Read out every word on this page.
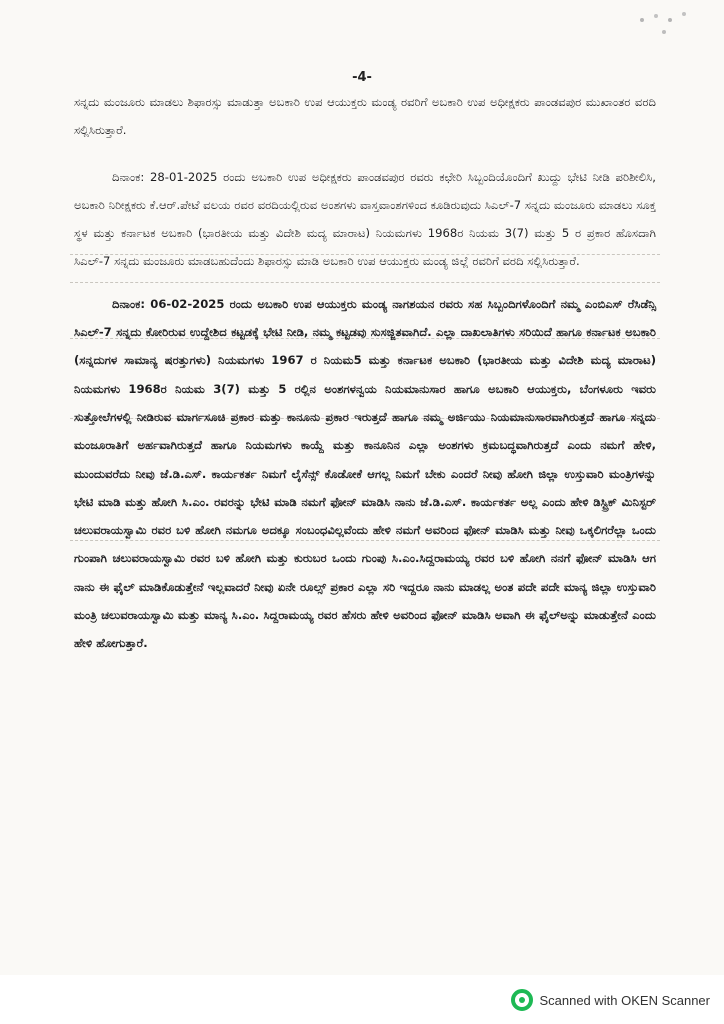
-4-

ಸನ್ನದು ಮಂಜೂರು ಮಾಡಲು ಶಿಫಾರಸ್ಸು ಮಾಡುತ್ತಾ ಅಬಕಾರಿ ಉಪ ಆಯುಕ್ತರು ಮಂಡ್ಯ ರವರಿಗೆ ಅಬಕಾರಿ ಉಪ ಅಧೀಕ್ಷಕರು ಪಾಂಡವಪುರ ಮುಖಾಂತರ ವರದಿ ಸಲ್ಲಿಸಿರುತ್ತಾರೆ.

ದಿನಾಂಕ: 28-01-2025 ರಂದು ಅಬಕಾರಿ ಉಪ ಅಧೀಕ್ಷಕರು ಪಾಂಡವಪುರ ರವರು ಕಛೇರಿ ಸಿಬ್ಬಂದಿಯೊಂದಿಗೆ ಖುದ್ದು ಭೇಟಿ ನೀಡಿ ಪರಿಶೀಲಿಸಿ, ಅಬಕಾರಿ ನಿರೀಕ್ಷಕರು ಕೆ.ಆರ್.ಪೇಟೆ ವಲಯ ರವರ ವರದಿಯಲ್ಲಿರುವ ಅಂಶಗಳು ವಾಸ್ತವಾಂಶಗಳಿಂದ ಕೂಡಿರುವುದು ಸಿಎಲ್-7 ಸನ್ನದು ಮಂಜೂರು ಮಾಡಲು ಸೂಕ್ತ ಸ್ಥಳ ಮತ್ತು ಕರ್ನಾಟಕ ಅಬಕಾರಿ (ಭಾರತೀಯ ಮತ್ತು ವಿದೇಶಿ ಮದ್ಯ ಮಾರಾಟ) ನಿಯಮಗಳು 1968ರ ನಿಯಮ 3(7) ಮತ್ತು 5 ರ ಪ್ರಕಾರ ಹೊಸದಾಗಿ ಸಿಎಲ್-7 ಸನ್ನದು ಮಂಜೂರು ಮಾಡಬಹುದೆಂದು ಶಿಫಾರಸ್ಸು ಮಾಡಿ ಅಬಕಾರಿ ಉಪ ಆಯುಕ್ತರು ಮಂಡ್ಯ ಜಿಲ್ಲೆ ರವರಿಗೆ ವರದಿ ಸಲ್ಲಿಸಿರುತ್ತಾರೆ.

ದಿನಾಂಕ: 06-02-2025 ರಂದು ಅಬಕಾರಿ ಉಪ ಆಯುಕ್ತರು ಮಂಡ್ಯ ನಾಗಶಯನ ರವರು ಸಹ ಸಿಬ್ಬಂದಿಗಳೊಂದಿಗೆ ನಮ್ಮ ಎಂಬಿಎಸ್ ರೆಸಿಡೆನ್ಸಿ ಸಿಎಲ್-7 ಸನ್ನದು ಕೋರಿರುವ ಉದ್ದೇಶಿದ ಕಟ್ಟಡಕ್ಕೆ ಭೇಟಿ ನೀಡಿ, ನಮ್ಮ ಕಟ್ಟಡವು ಸುಸಜ್ಜಿತವಾಗಿದೆ. ಎಲ್ಲಾ ದಾಖಲಾತಿಗಳು ಸರಿಯಿದೆ ಹಾಗೂ ಕರ್ನಾಟಕ ಅಬಕಾರಿ (ಸನ್ನದುಗಳ ಸಾಮಾನ್ಯ ಷರತ್ತುಗಳು) ನಿಯಮಗಳು 1967 ರ ನಿಯಮ5 ಮತ್ತು ಕರ್ನಾಟಕ ಅಬಕಾರಿ (ಭಾರತೀಯ ಮತ್ತು ವಿದೇಶಿ ಮದ್ಯ ಮಾರಾಟ) ನಿಯಮಗಳು 1968ರ ನಿಯಮ 3(7) ಮತ್ತು 5 ರಲ್ಲಿನ ಅಂಶಗಳನ್ವಯ ನಿಯಮಾನುಸಾರ ಹಾಗೂ ಅಬಕಾರಿ ಆಯುಕ್ತರು, ಬೆಂಗಳೂರು ಇವರು ಸುತ್ತೋಲೆಗಳಲ್ಲಿ ನೀಡಿರುವ ಮಾರ್ಗಸೂಚಿ ಪ್ರಕಾರ ಮತ್ತು ಕಾನೂನು ಪ್ರಕಾರ ಇರುತ್ತದೆ ಹಾಗೂ ನಮ್ಮ ಅರ್ಜಿಯು ನಿಯಮಾನುಸಾರವಾಗಿರುತ್ತದೆ ಹಾಗೂ ಸನ್ನದು ಮಂಜೂರಾತಿಗೆ ಅರ್ಹವಾಗಿರುತ್ತದೆ ಹಾಗೂ ನಿಯಮಗಳು ಕಾಯ್ದೆ ಮತ್ತು ಕಾನೂನಿನ ಎಲ್ಲಾ ಅಂಶಗಳು ಕ್ರಮಬದ್ಧವಾಗಿರುತ್ತದೆ ಎಂದು ನಮಗೆ ಹೇಳಿ, ಮುಂದುವರೆದು ನೀವು ಜೆ.ಡಿ.ಎಸ್. ಕಾರ್ಯಕರ್ತ ನಿಮಗೆ ಲೈಸೆನ್ಸ್ ಕೊಡೋಕೆ ಆಗಲ್ಲ ನಿಮಗೆ ಬೇಕು ಎಂದರೆ ನೀವು ಹೋಗಿ ಜಿಲ್ಲಾ ಉಸ್ತುವಾರಿ ಮಂತ್ರಿಗಳನ್ನು ಭೇಟಿ ಮಾಡಿ ಮತ್ತು ಹೋಗಿ ಸಿ.ಎಂ. ರವರನ್ನು ಭೇಟಿ ಮಾಡಿ ನಮಗೆ ಫೋನ್ ಮಾಡಿಸಿ ನಾನು ಜೆ.ಡಿ.ಎಸ್. ಕಾರ್ಯಕರ್ತ ಅಲ್ಲ ಎಂದು ಹೇಳಿ ಡಿಸ್ಟ್ರಿಕ್ ಮಿನಿಸ್ಟರ್ ಚಲುವರಾಯಸ್ವಾಮಿ ರವರ ಬಳಿ ಹೋಗಿ ನಮಗೂ ಅದಕ್ಕೂ ಸಂಬಂಧವಿಲ್ಲವೆಂದು ಹೇಳಿ ನಮಗೆ ಅವರಿಂದ ಫೋನ್ ಮಾಡಿಸಿ ಮತ್ತು ನೀವು ಒಕ್ಕಲಿಗರೆಲ್ಲಾ ಒಂದು ಗುಂಪಾಗಿ ಚಲುವರಾಯಸ್ವಾಮಿ ರವರ ಬಳಿ ಹೋಗಿ ಮತ್ತು ಕುರುಬರ ಒಂದು ಗುಂಪು ಸಿ.ಎಂ.ಸಿದ್ದರಾಮಯ್ಯ ರವರ ಬಳಿ ಹೋಗಿ ನನಗೆ ಫೋನ್ ಮಾಡಿಸಿ ಆಗ ನಾನು ಈ ಫೈಲ್ ಮಾಡಿಕೊಡುತ್ತೇನೆ ಇಲ್ಲವಾದರೆ ನೀವು ಏನೇ ರೂಲ್ಸ್ ಪ್ರಕಾರ ಎಲ್ಲಾ ಸರಿ ಇದ್ದರೂ ನಾನು ಮಾಡಲ್ಲ ಅಂತ ಪದೇ ಪದೇ ಮಾನ್ಯ ಜಿಲ್ಲಾ ಉಸ್ತುವಾರಿ ಮಂತ್ರಿ ಚಲುವರಾಯಸ್ವಾಮಿ ಮತ್ತು ಮಾನ್ಯ ಸಿ.ಎಂ. ಸಿದ್ದರಾಮಯ್ಯ ರವರ ಹೆಸರು ಹೇಳಿ ಅವರಿಂದ ಫೋನ್ ಮಾಡಿಸಿ ಅವಾಗಿ ಈ ಫೈಲ್‌ಅನ್ನು ಮಾಡುತ್ತೇನೆ ಎಂದು ಹೇಳಿ ಹೋಗುತ್ತಾರೆ.

Scanned with OKEN Scanner
